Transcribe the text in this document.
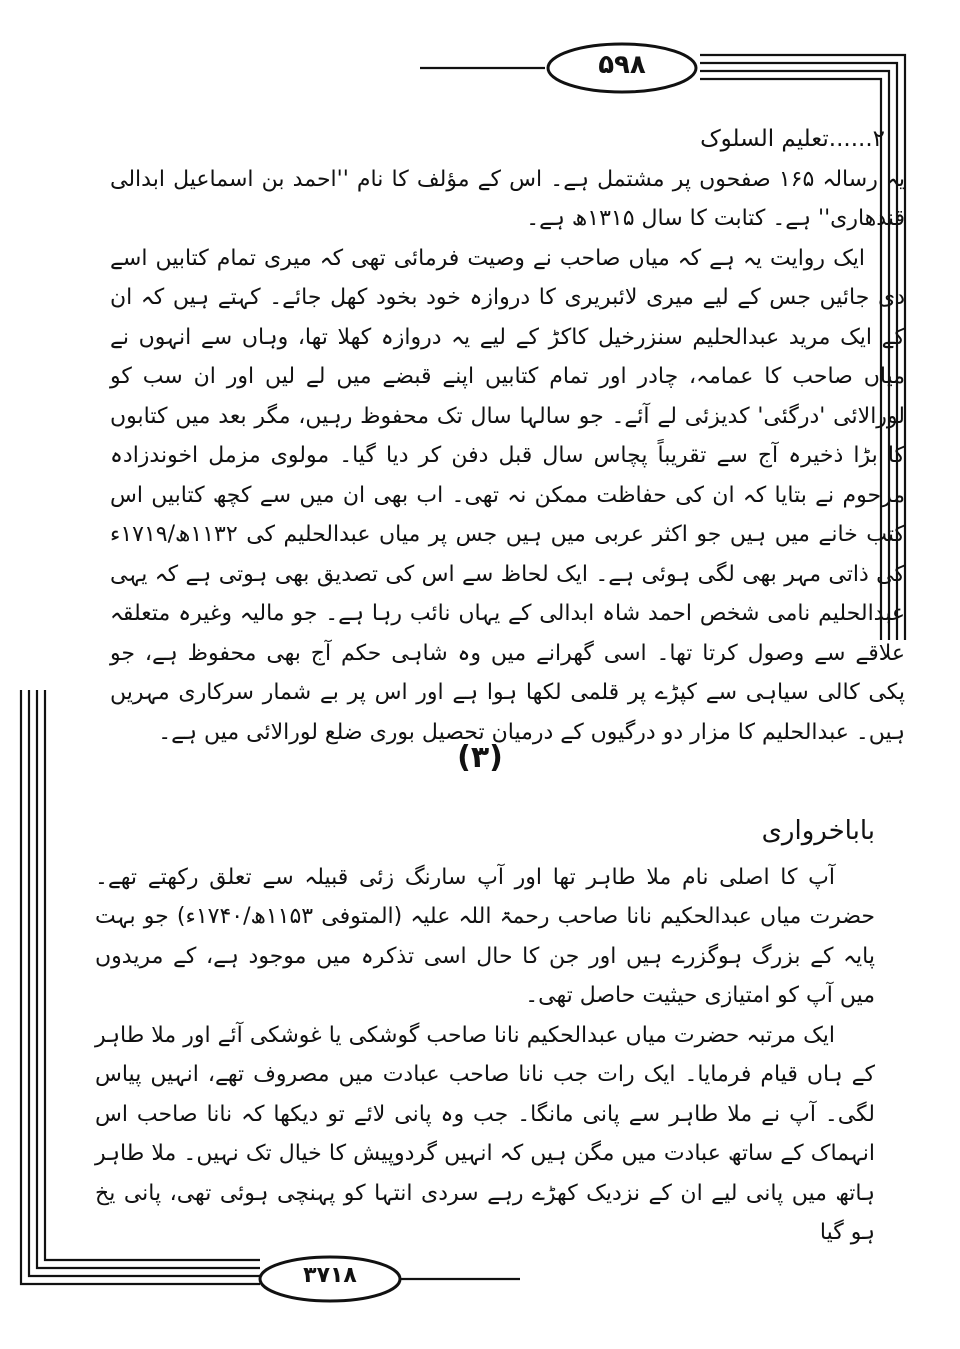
۵۹۸
۳۷۱۸

۲......تعلیم السلوک

یہ رسالہ ۱۶۵ صفحوں پر مشتمل ہے۔ اس کے مؤلف کا نام ''احمد بن اسماعیل ابدالی قندھاری'' ہے۔ کتابت کا سال ۱۳۱۵ھ ہے۔

ایک روایت یہ ہے کہ میاں صاحب نے وصیت فرمائی تھی کہ میری تمام کتابیں اسے دی جائیں جس کے لیے میری لائبریری کا دروازہ خود بخود کھل جائے۔ کہتے ہیں کہ ان کے ایک مرید عبدالحلیم سنزرخیل کاکڑ کے لیے یہ دروازہ کھلا تھا، وہاں سے انہوں نے میاں صاحب کا عمامہ، چادر اور تمام کتابیں اپنے قبضے میں لے لیں اور ان سب کو لورالائی 'درگئی' کدیزئی لے آئے۔ جو سالہا سال تک محفوظ رہیں، مگر بعد میں کتابوں کا بڑا ذخیرہ آج سے تقریباً پچاس سال قبل دفن کر دیا گیا۔ مولوی مزمل اخوندزادہ مرحوم نے بتایا کہ ان کی حفاظت ممکن نہ تھی۔ اب بھی ان میں سے کچھ کتابیں اس کتب خانے میں ہیں جو اکثر عربی میں ہیں جس پر میاں عبدالحلیم کی ۱۱۳۲ھ/۱۷۱۹ء کی ذاتی مہر بھی لگی ہوئی ہے۔ ایک لحاظ سے اس کی تصدیق بھی ہوتی ہے کہ یہی عبدالحلیم نامی شخص احمد شاہ ابدالی کے یہاں نائب رہا ہے۔ جو مالیہ وغیرہ متعلقہ علاقے سے وصول کرتا تھا۔ اسی گھرانے میں وہ شاہی حکم آج بھی محفوظ ہے، جو پکی کالی سیاہی سے کپڑے پر قلمی لکھا ہوا ہے اور اس پر بے شمار سرکاری مہریں ہیں۔ عبدالحلیم کا مزار دو درگیوں کے درمیان تحصیل بوری ضلع لورالائی میں ہے۔

(۳)

باباخرواری

آپ کا اصلی نام ملا طاہر تھا اور آپ سارنگ زئی قبیلہ سے تعلق رکھتے تھے۔ حضرت میاں عبدالحکیم نانا صاحب رحمۃ اللہ علیہ (المتوفی ۱۱۵۳ھ/۱۷۴۰ء) جو بہت پایہ کے بزرگ ہوگزرے ہیں اور جن کا حال اسی تذکرہ میں موجود ہے، کے مریدوں میں آپ کو امتیازی حیثیت حاصل تھی۔

ایک مرتبہ حضرت میاں عبدالحکیم نانا صاحب گوشکی یا غوشکی آئے اور ملا طاہر کے ہاں قیام فرمایا۔ ایک رات جب نانا صاحب عبادت میں مصروف تھے، انہیں پیاس لگی۔ آپ نے ملا طاہر سے پانی مانگا۔ جب وہ پانی لائے تو دیکھا کہ نانا صاحب اس انہماک کے ساتھ عبادت میں مگن ہیں کہ انہیں گردوپیش کا خیال تک نہیں۔ ملا طاہر ہاتھ میں پانی لیے ان کے نزدیک کھڑے رہے سردی انتہا کو پہنچی ہوئی تھی، پانی یخ ہو گیا
